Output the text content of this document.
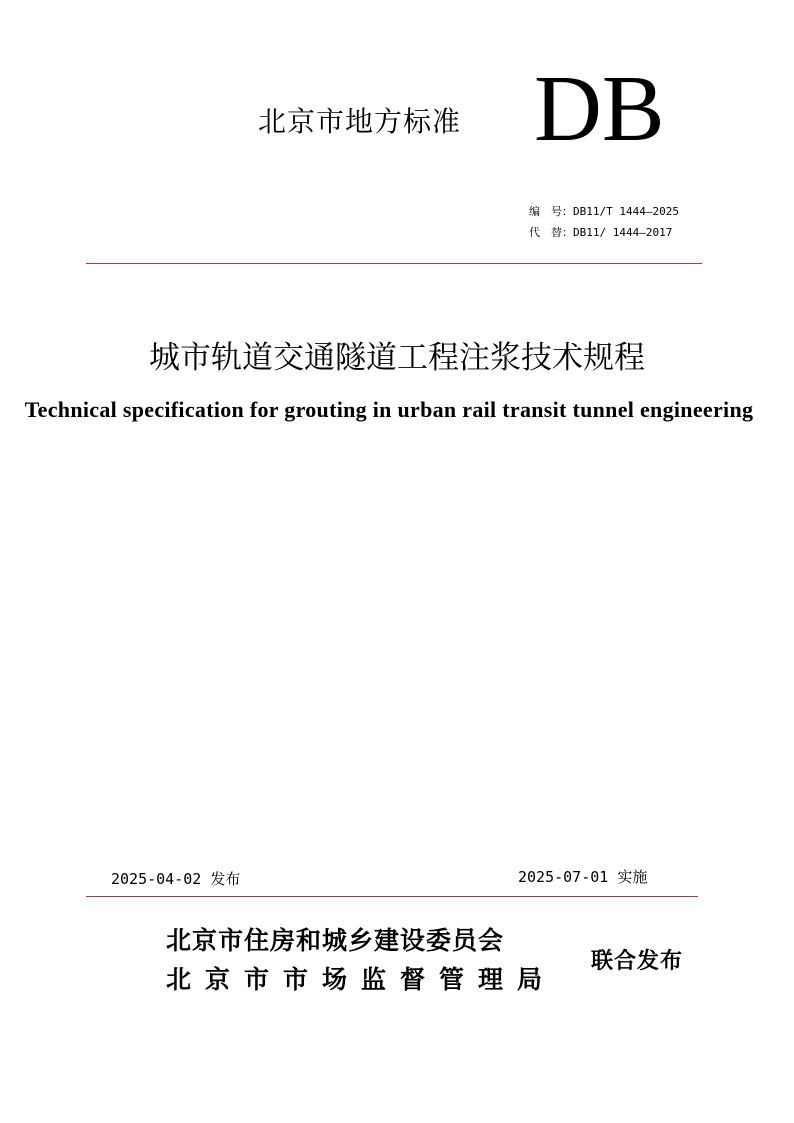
北京市地方标准 DB
编　号：DB11/T 1444—2025
代　替：DB11/ 1444—2017
城市轨道交通隧道工程注浆技术规程
Technical specification for grouting in urban rail transit tunnel engineering
2025-04-02 发布	2025-07-01 实施
北京市住房和城乡建设委员会
北京市市场监督管理局
联合发布
